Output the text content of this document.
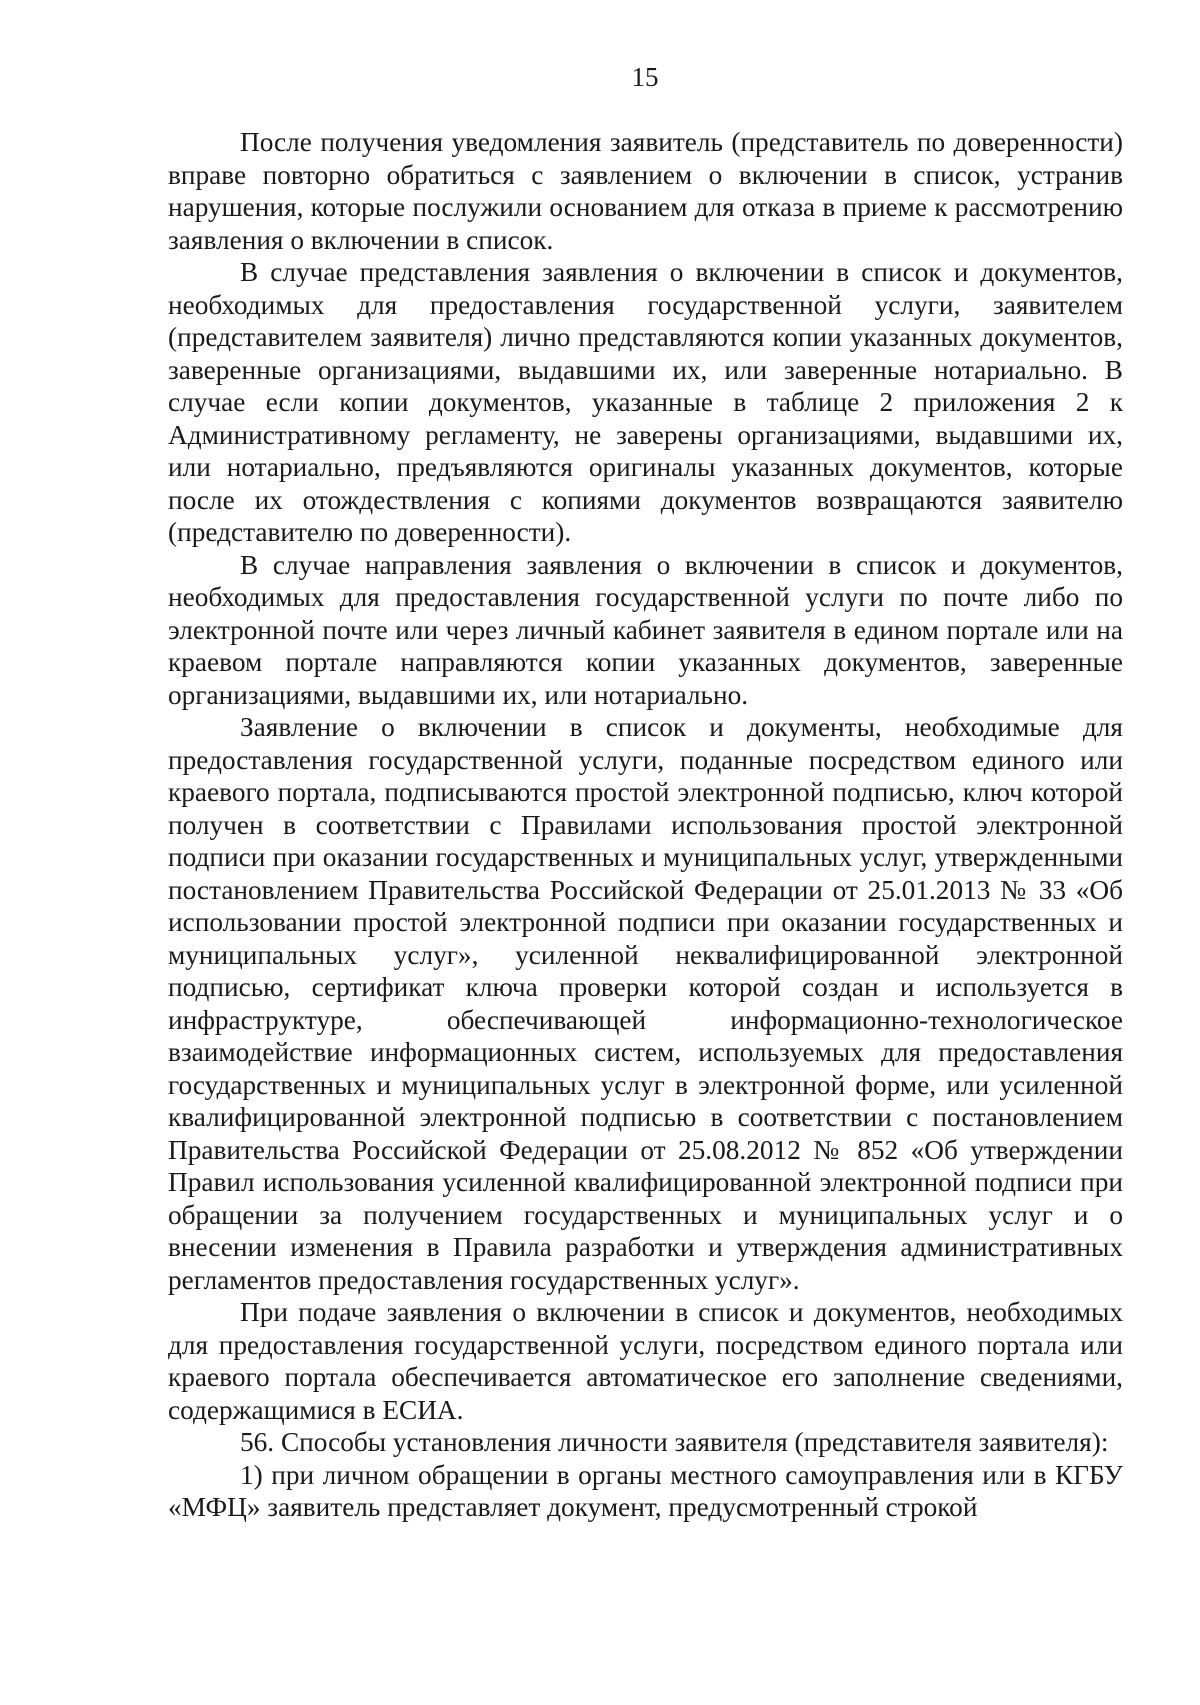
15

После получения уведомления заявитель (представитель по доверенности) вправе повторно обратиться с заявлением о включении в список, устранив нарушения, которые послужили основанием для отказа в приеме к рассмотрению заявления о включении в список.

В случае представления заявления о включении в список и документов, необходимых для предоставления государственной услуги, заявителем (представителем заявителя) лично представляются копии указанных документов, заверенные организациями, выдавшими их, или заверенные нотариально. В случае если копии документов, указанные в таблице 2 приложения 2 к Административному регламенту, не заверены организациями, выдавшими их, или нотариально, предъявляются оригиналы указанных документов, которые после их отождествления с копиями документов возвращаются заявителю (представителю по доверенности).

В случае направления заявления о включении в список и документов, необходимых для предоставления государственной услуги по почте либо по электронной почте или через личный кабинет заявителя в едином портале или на краевом портале направляются копии указанных документов, заверенные организациями, выдавшими их, или нотариально.

Заявление о включении в список и документы, необходимые для предоставления государственной услуги, поданные посредством единого или краевого портала, подписываются простой электронной подписью, ключ которой получен в соответствии с Правилами использования простой электронной подписи при оказании государственных и муниципальных услуг, утвержденными постановлением Правительства Российской Федерации от 25.01.2013 № 33 «Об использовании простой электронной подписи при оказании государственных и муниципальных услуг», усиленной неквалифицированной электронной подписью, сертификат ключа проверки которой создан и используется в инфраструктуре, обеспечивающей информационно-технологическое взаимодействие информационных систем, используемых для предоставления государственных и муниципальных услуг в электронной форме, или усиленной квалифицированной электронной подписью в соответствии с постановлением Правительства Российской Федерации от 25.08.2012 № 852 «Об утверждении Правил использования усиленной квалифицированной электронной подписи при обращении за получением государственных и муниципальных услуг и о внесении изменения в Правила разработки и утверждения административных регламентов предоставления государственных услуг».

При подаче заявления о включении в список и документов, необходимых для предоставления государственной услуги, посредством единого портала или краевого портала обеспечивается автоматическое его заполнение сведениями, содержащимися в ЕСИА.

56. Способы установления личности заявителя (представителя заявителя):

1) при личном обращении в органы местного самоуправления или в КГБУ «МФЦ» заявитель представляет документ, предусмотренный строкой
